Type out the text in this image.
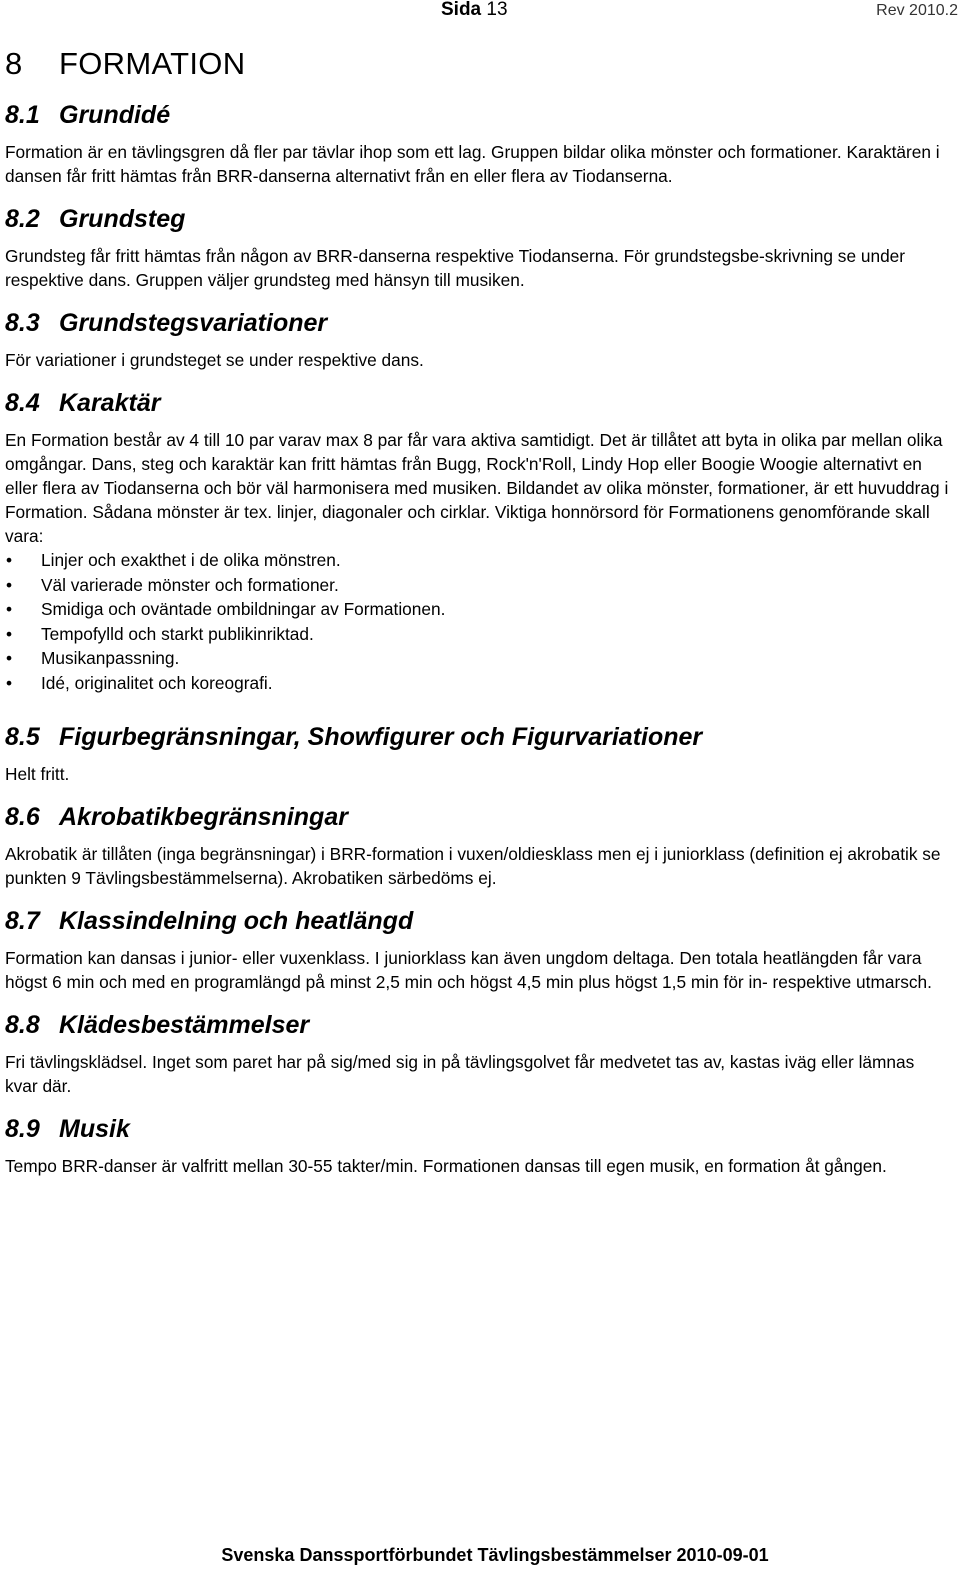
Sida 13	Rev 2010.2
8 FORMATION
8.1 Grundidé

Formation är en tävlingsgren då fler par tävlar ihop som ett lag. Gruppen bildar olika mönster och formationer. Karaktären i dansen får fritt hämtas från BRR-danserna alternativt från en eller flera av Tiodanserna.

8.2 Grundsteg

Grundsteg får fritt hämtas från någon av BRR-danserna respektive Tiodanserna. För grundstegsbe-skrivning se under respektive dans. Gruppen väljer grundsteg med hänsyn till musiken.

8.3 Grundstegsvariationer

För variationer i grundsteget se under respektive dans.

8.4 Karaktär

En Formation består av 4 till 10 par varav max 8 par får vara aktiva samtidigt. Det är tillåtet att byta in olika par mellan olika omgångar. Dans, steg och karaktär kan fritt hämtas från Bugg, Rock'n'Roll, Lindy Hop eller Boogie Woogie alternativt en eller flera av Tiodanserna och bör väl harmonisera med musiken. Bildandet av olika mönster, formationer, är ett huvuddrag i Formation. Sådana mönster är tex. linjer, diagonaler och cirklar. Viktiga honnörsord för Formationens genomförande skall vara:

• Linjer och exakthet i de olika mönstren.
• Väl varierade mönster och formationer.
• Smidiga och oväntade ombildningar av Formationen.
• Tempofylld och starkt publikinriktad.
• Musikanpassning.
• Idé, originalitet och koreografi.
8.5 Figurbegränsningar, Showfigurer och Figurvariationer

Helt fritt.

8.6 Akrobatikbegränsningar

Akrobatik är tillåten (inga begränsningar) i BRR-formation i vuxen/oldiesklass men ej i juniorklass (definition ej akrobatik se punkten 9 Tävlingsbestämmelserna). Akrobatiken särbedöms ej.

8.7 Klassindelning och heatlängd

Formation kan dansas i junior- eller vuxenklass. I juniorklass kan även ungdom deltaga. Den totala heatlängden får vara högst 6 min och med en programlängd på minst 2,5 min och högst 4,5 min plus högst 1,5 min för in- respektive utmarsch.

8.8 Klädesbestämmelser

Fri tävlingsklädsel. Inget som paret har på sig/med sig in på tävlingsgolvet får medvetet tas av, kastas iväg eller lämnas kvar där.

8.9 Musik

Tempo BRR-danser är valfritt mellan 30-55 takter/min. Formationen dansas till egen musik, en formation åt gången.

Svenska Danssportförbundet Tävlingsbestämmelser 2010-09-01
